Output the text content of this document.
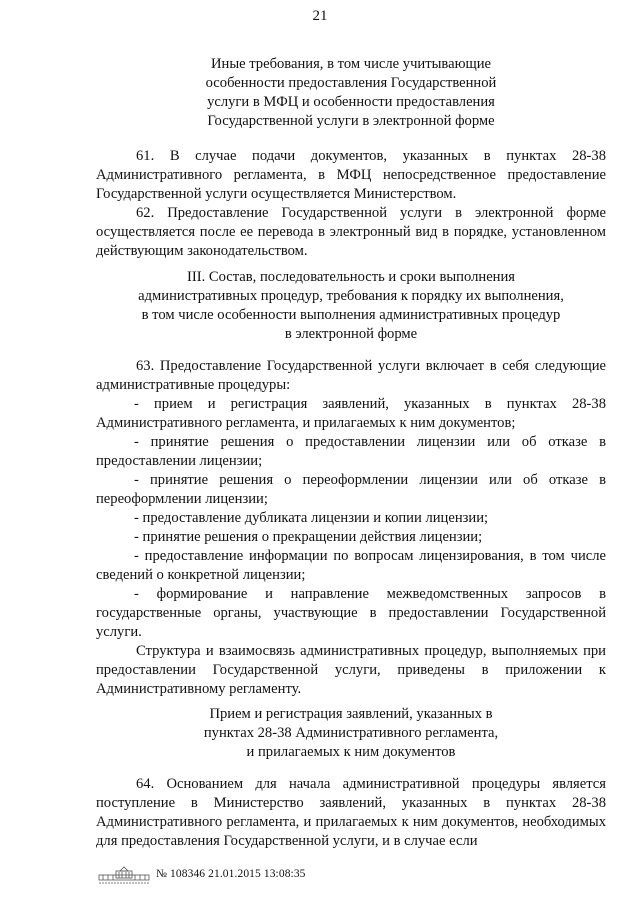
21
Иные требования, в том числе учитывающие
особенности предоставления Государственной
услуги в МФЦ и особенности предоставления
Государственной услуги в электронной форме

61. В случае подачи документов, указанных в пунктах 28-38 Административного регламента, в МФЦ непосредственное предоставление Государственной услуги осуществляется Министерством.

62. Предоставление Государственной услуги в электронной форме осуществляется после ее перевода в электронный вид в порядке, установленном действующим законодательством.

III. Состав, последовательность и сроки выполнения
административных процедур, требования к порядку их выполнения,
в том числе особенности выполнения административных процедур
в электронной форме

63. Предоставление Государственной услуги включает в себя следующие административные процедуры:

- прием и регистрация заявлений, указанных в пунктах 28-38 Административного регламента, и прилагаемых к ним документов;

- принятие решения о предоставлении лицензии или об отказе в предоставлении лицензии;

- принятие решения о переоформлении лицензии или об отказе в переоформлении лицензии;

- предоставление дубликата лицензии и копии лицензии;

- принятие решения о прекращении действия лицензии;

- предоставление информации по вопросам лицензирования, в том числе сведений о конкретной лицензии;

- формирование и направление межведомственных запросов в государственные органы, участвующие в предоставлении Государственной услуги.

Структура и взаимосвязь административных процедур, выполняемых при предоставлении Государственной услуги, приведены в приложении к Административному регламенту.

Прием и регистрация заявлений, указанных в
пунктах 28-38 Административного регламента,
и прилагаемых к ним документов

64. Основанием для начала административной процедуры является поступление в Министерство заявлений, указанных в пунктах 28-38 Административного регламента, и прилагаемых к ним документов, необходимых для предоставления Государственной услуги, и в случае если

№ 108346 21.01.2015 13:08:35
